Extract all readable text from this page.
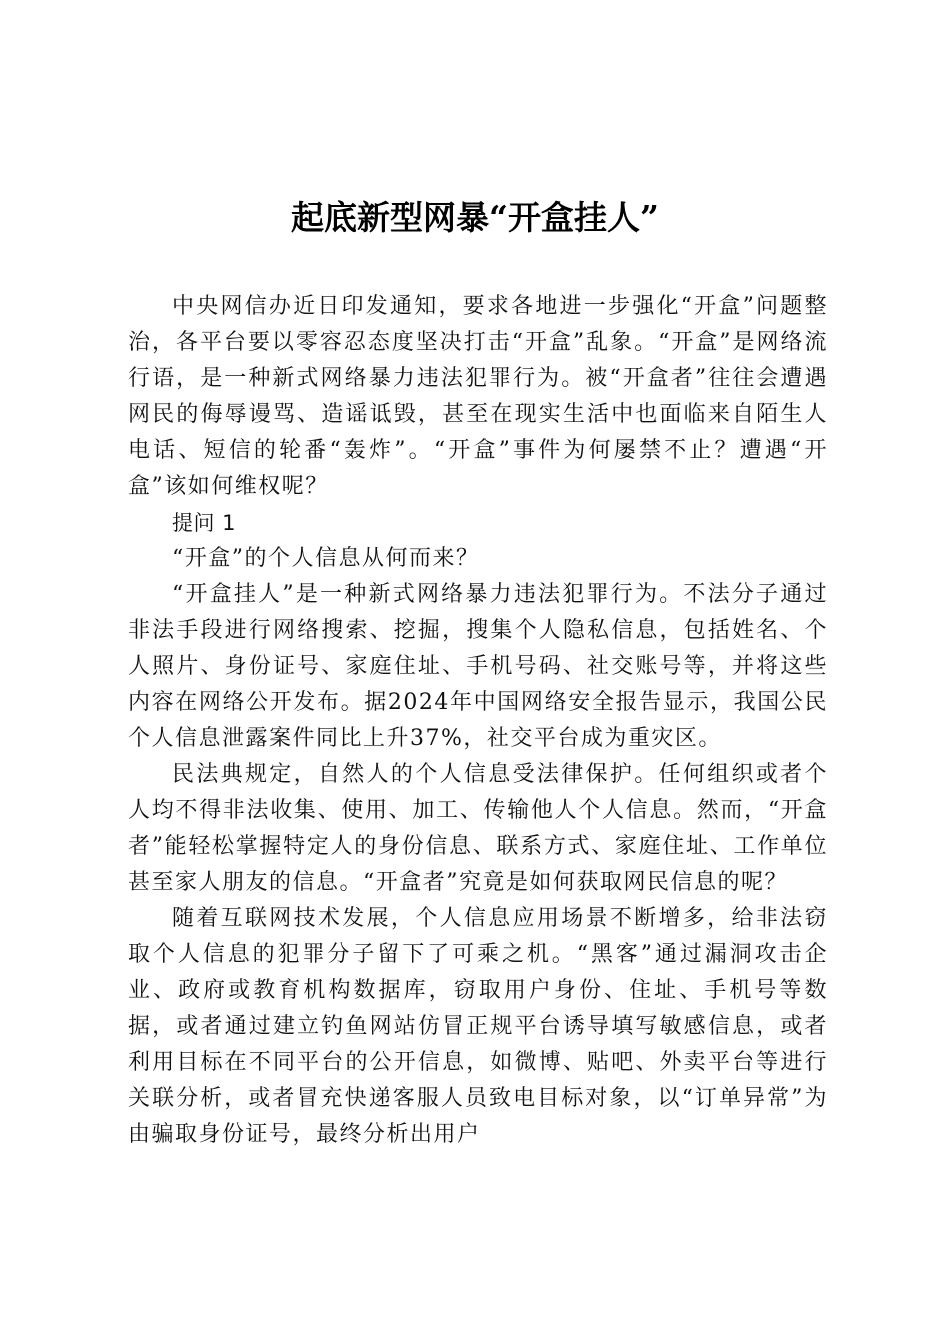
起底新型网暴“开盒挂人”

中央网信办近日印发通知，要求各地进一步强化“开盒”问题整治，各平台要以零容忍态度坚决打击“开盒”乱象。“开盒”是网络流行语，是一种新式网络暴力违法犯罪行为。被“开盒者”往往会遭遇网民的侮辱谩骂、造谣诋毁，甚至在现实生活中也面临来自陌生人电话、短信的轮番“轰炸”。“开盒”事件为何屡禁不止？遭遇“开盒”该如何维权呢？

提问 1

“开盒”的个人信息从何而来？

“开盒挂人”是一种新式网络暴力违法犯罪行为。不法分子通过非法手段进行网络搜索、挖掘，搜集个人隐私信息，包括姓名、个人照片、身份证号、家庭住址、手机号码、社交账号等，并将这些内容在网络公开发布。据2024年中国网络安全报告显示，我国公民个人信息泄露案件同比上升37%，社交平台成为重灾区。

民法典规定，自然人的个人信息受法律保护。任何组织或者个人均不得非法收集、使用、加工、传输他人个人信息。然而，“开盒者”能轻松掌握特定人的身份信息、联系方式、家庭住址、工作单位甚至家人朋友的信息。“开盒者”究竟是如何获取网民信息的呢？

随着互联网技术发展，个人信息应用场景不断增多，给非法窃取个人信息的犯罪分子留下了可乘之机。“黑客”通过漏洞攻击企业、政府或教育机构数据库，窃取用户身份、住址、手机号等数据，或者通过建立钓鱼网站仿冒正规平台诱导填写敏感信息，或者利用目标在不同平台的公开信息，如微博、贴吧、外卖平台等进行关联分析，或者冒充快递客服人员致电目标对象，以“订单异常”为由骗取身份证号，最终分析出用户
